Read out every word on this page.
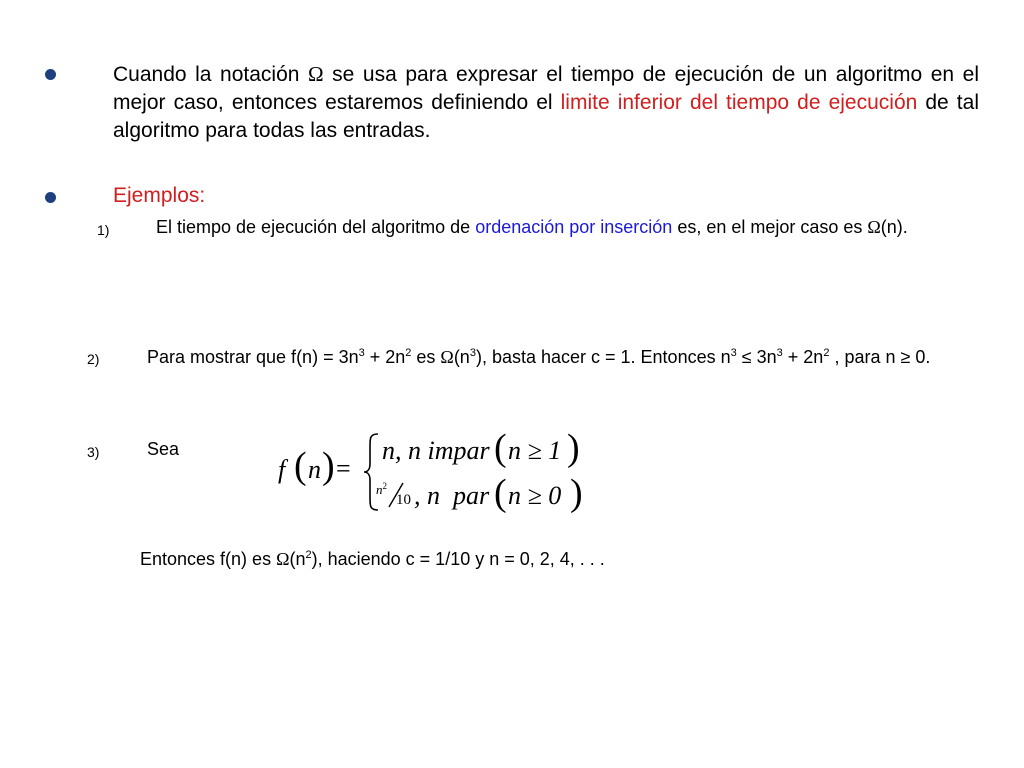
Cuando la notación Ω se usa para expresar el tiempo de ejecución de un algoritmo en el mejor caso, entonces estaremos definiendo el limite inferior del tiempo de ejecución de tal algoritmo para todas las entradas.
Ejemplos:
1)	El tiempo de ejecución del algoritmo de ordenación por inserción es, en el mejor caso es Ω(n).
2)	Para mostrar que $f(n) = 3n^3 + 2n^2$ es $\Omega(n^3)$, basta hacer c = 1. Entonces $n^3 \le 3n^3 + 2n^2$ , para n ≥ 0.
3)	Sea
f ( n ) =
n, n impar ( n ≥ 1 )
$n^2$
10 , n  par ( n ≥ 0 )
Entonces f(n) es $\Omega(n^2)$, haciendo c = 1/10 y n = 0, 2, 4, . . .
